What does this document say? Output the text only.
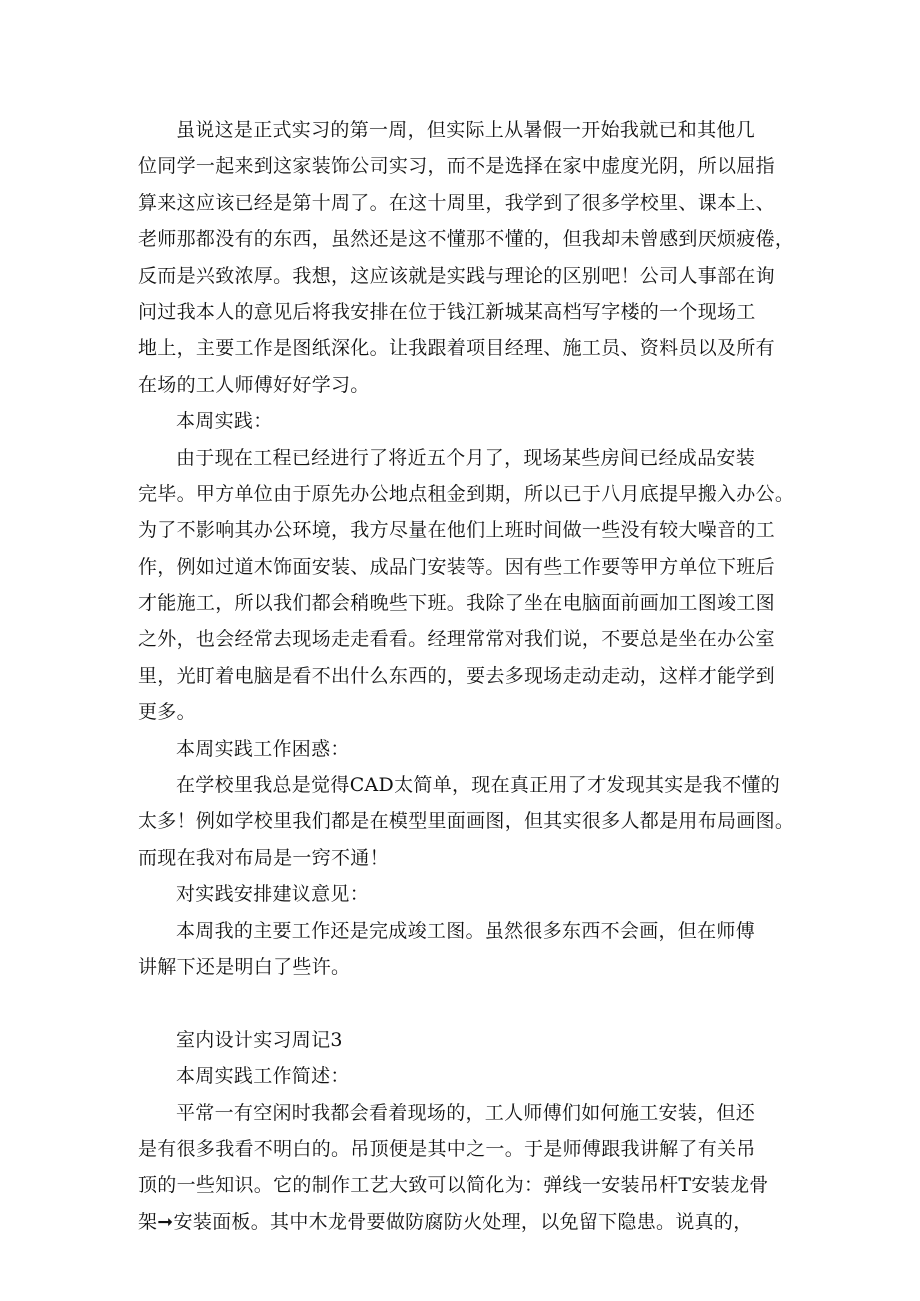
虽说这是正式实习的第一周，但实际上从暑假一开始我就已和其他几
位同学一起来到这家装饰公司实习，而不是选择在家中虚度光阴，所以屈指
算来这应该已经是第十周了。在这十周里，我学到了很多学校里、课本上、
老师那都没有的东西，虽然还是这不懂那不懂的，但我却未曾感到厌烦疲倦，
反而是兴致浓厚。我想，这应该就是实践与理论的区别吧！公司人事部在询
问过我本人的意见后将我安排在位于钱江新城某高档写字楼的一个现场工
地上，主要工作是图纸深化。让我跟着项目经理、施工员、资料员以及所有
在场的工人师傅好好学习。
本周实践：
由于现在工程已经进行了将近五个月了，现场某些房间已经成品安装
完毕。甲方单位由于原先办公地点租金到期，所以已于八月底提早搬入办公。
为了不影响其办公环境，我方尽量在他们上班时间做一些没有较大噪音的工
作，例如过道木饰面安装、成品门安装等。因有些工作要等甲方单位下班后
才能施工，所以我们都会稍晚些下班。我除了坐在电脑面前画加工图竣工图
之外，也会经常去现场走走看看。经理常常对我们说，不要总是坐在办公室
里，光盯着电脑是看不出什么东西的，要去多现场走动走动，这样才能学到
更多。
本周实践工作困惑：
在学校里我总是觉得CAD太简单，现在真正用了才发现其实是我不懂的
太多！例如学校里我们都是在模型里面画图，但其实很多人都是用布局画图。
而现在我对布局是一窍不通！
对实践安排建议意见：
本周我的主要工作还是完成竣工图。虽然很多东西不会画，但在师傅
讲解下还是明白了些许。
室内设计实习周记3
本周实践工作简述：
平常一有空闲时我都会看着现场的，工人师傅们如何施工安装，但还
是有很多我看不明白的。吊顶便是其中之一。于是师傅跟我讲解了有关吊
顶的一些知识。它的制作工艺大致可以简化为：弹线一安装吊杆T安装龙骨
架➞安装面板。其中木龙骨要做防腐防火处理，以免留下隐患。说真的，
